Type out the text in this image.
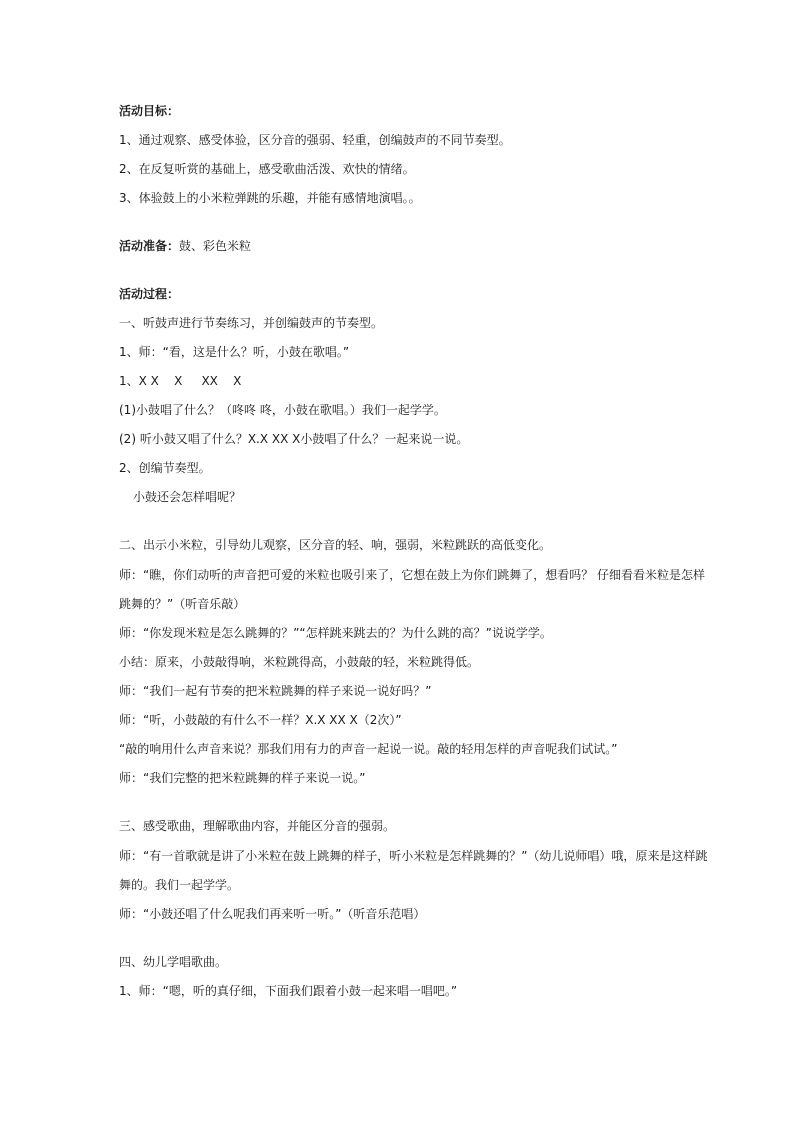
活动目标：
1、通过观察、感受体验，区分音的强弱、轻重，创编鼓声的不同节奏型。
2、在反复听赏的基础上，感受歌曲活泼、欢快的情绪。
3、体验鼓上的小米粒弹跳的乐趣，并能有感情地演唱。。
活动准备：鼓、彩色米粒
活动过程：
一、听鼓声进行节奏练习，并创编鼓声的节奏型。
1、师：“看，这是什么？听，小鼓在歌唱。”
1、X X    X     XX    X
(1)小鼓唱了什么？（咚咚 咚，小鼓在歌唱。）我们一起学学。
(2) 听小鼓又唱了什么？X.X XX X小鼓唱了什么？一起来说一说。
2、创编节奏型。
小鼓还会怎样唱呢？
二、出示小米粒，引导幼儿观察，区分音的轻、响，强弱，米粒跳跃的高低变化。
师：“瞧，你们动听的声音把可爱的米粒也吸引来了，它想在鼓上为你们跳舞了，想看吗？ 仔细看看米粒是怎样跳舞的？”（听音乐敲）
师：“你发现米粒是怎么跳舞的？”“怎样跳来跳去的？为什么跳的高？”说说学学。
小结：原来，小鼓敲得响，米粒跳得高，小鼓敲的轻，米粒跳得低。
师：“我们一起有节奏的把米粒跳舞的样子来说一说好吗？”
师：“听，小鼓敲的有什么不一样？X.X XX X（2次）”
“敲的响用什么声音来说？那我们用有力的声音一起说一说。敲的轻用怎样的声音呢我们试试。”
师：“我们完整的把米粒跳舞的样子来说一说。”
三、感受歌曲，理解歌曲内容，并能区分音的强弱。
师：“有一首歌就是讲了小米粒在鼓上跳舞的样子，听小米粒是怎样跳舞的？”（幼儿说师唱）哦，原来是这样跳舞的。我们一起学学。
师：“小鼓还唱了什么呢我们再来听一听。”（听音乐范唱）
四、幼儿学唱歌曲。
1、师：“嗯，听的真仔细，下面我们跟着小鼓一起来唱一唱吧。”
